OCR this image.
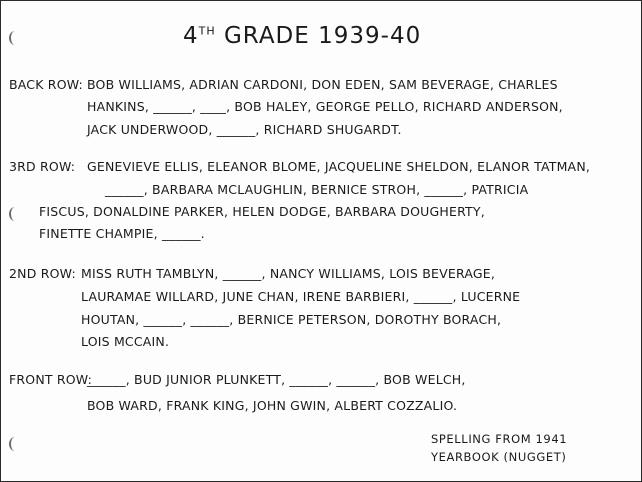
4TH GRADE 1939-40
BACK ROW: BOB WILLIAMS, ADRIAN CARDONI, DON EDEN, SAM BEVERAGE, CHARLES
HANKINS, ______, ____, BOB HALEY, GEORGE PELLO, RICHARD ANDERSON,
JACK UNDERWOOD, ______, RICHARD SHUGARDT.
3RD ROW: GENEVIEVE ELLIS, ELEANOR BLOME, JACQUELINE SHELDON, ELANOR TATMAN,
______, BARBARA MCLAUGHLIN, BERNICE STROH, ______, PATRICIA
FISCUS, DONALDINE PARKER, HELEN DODGE, BARBARA DOUGHERTY,
FINETTE CHAMPIE, ______.
2ND ROW: MISS RUTH TAMBLYN, ______, NANCY WILLIAMS, LOIS BEVERAGE,
LAURAMAE WILLARD, JUNE CHAN, IRENE BARBIERI, ______, LUCERNE
HOUTAN, ______, ______, BERNICE PETERSON, DOROTHY BORACH,
LOIS MCCAIN.
FRONT ROW:
______, BUD JUNIOR PLUNKETT, ______, ______, BOB WELCH,
BOB WARD, FRANK KING, JOHN GWIN, ALBERT COZZALIO.
SPELLING FROM 1941
YEARBOOK (NUGGET)
